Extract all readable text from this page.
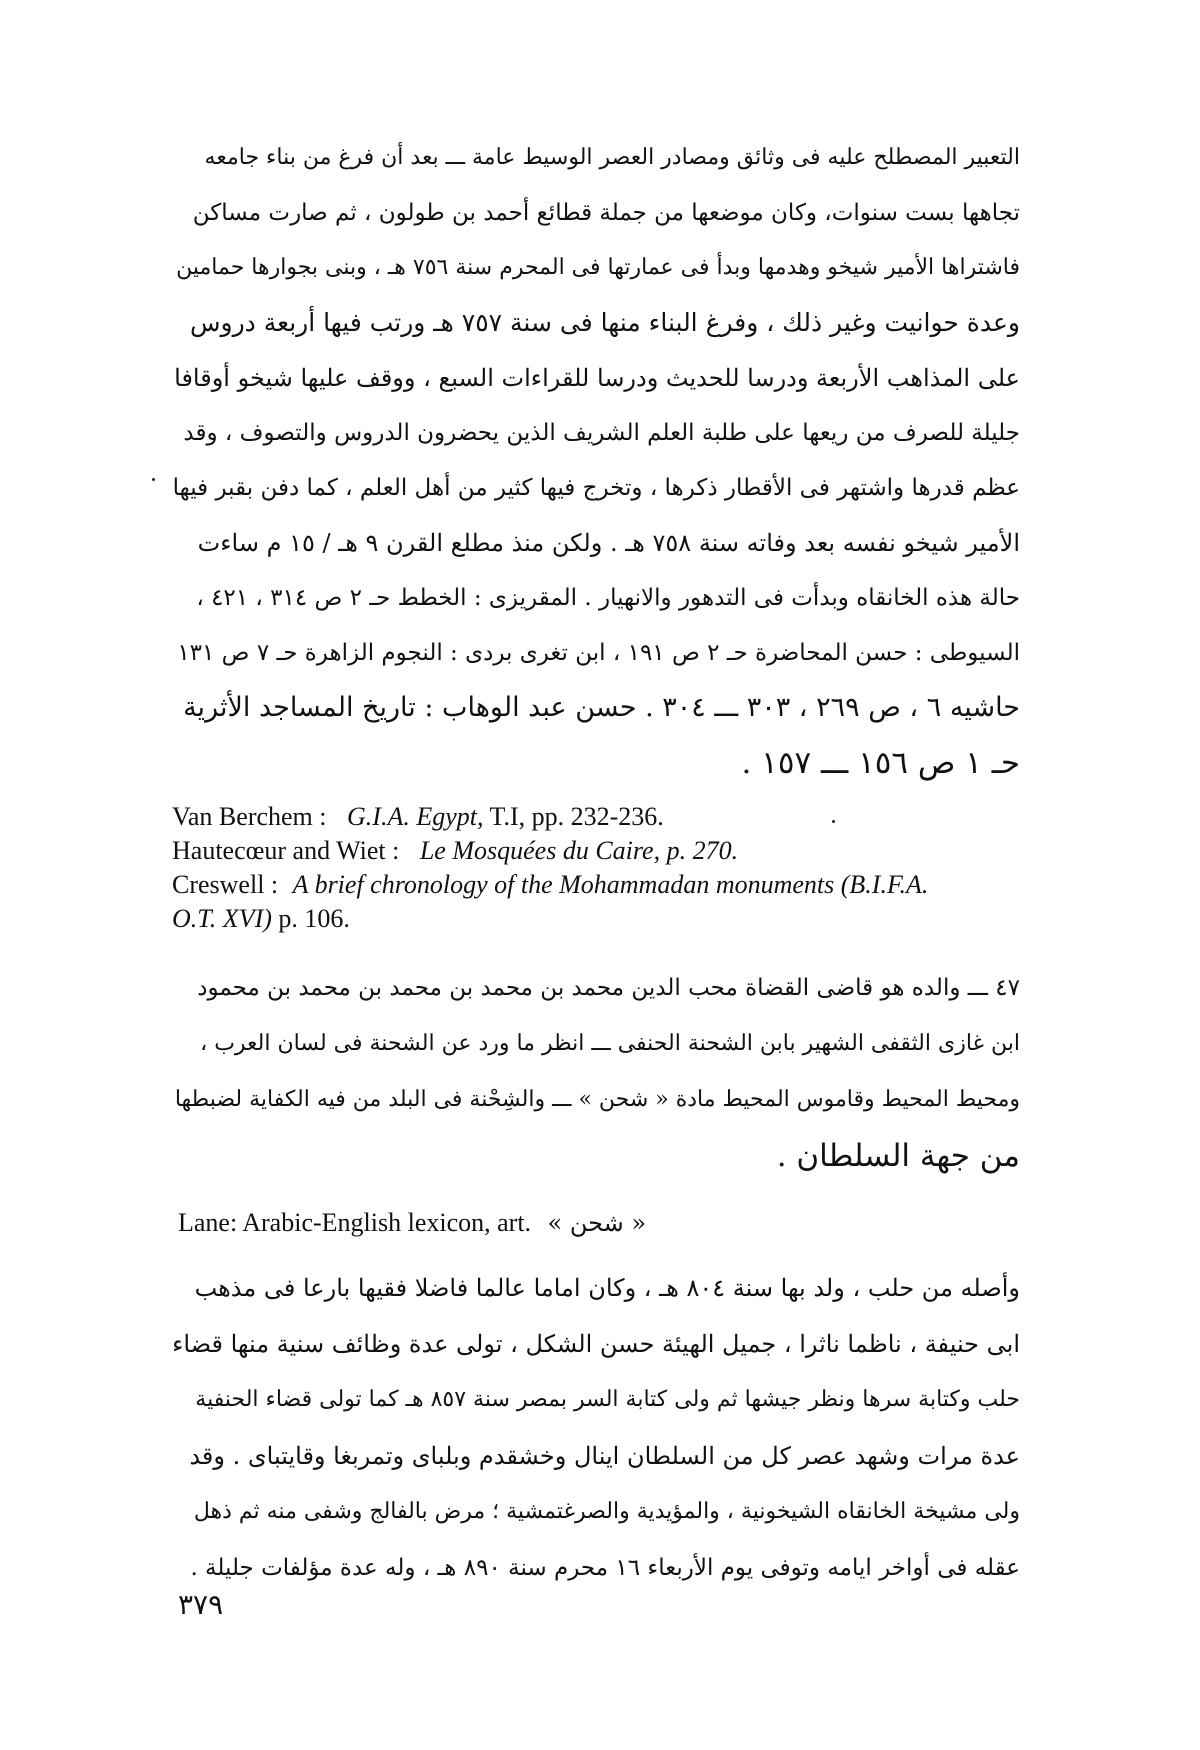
التعبير المصطلح عليه فى وثائق ومصادر العصر الوسيط عامة ـــ بعد أن فرغ من بناء جامعه
تجاهها بست سنوات، وكان موضعها من جملة قطائع أحمد بن طولون ، ثم صارت مساكن
فاشتراها الأمير شيخو وهدمها وبدأ فى عمارتها فى المحرم سنة ٧٥٦ هـ ، وبنى بجوارها حمامين
وعدة حوانيت وغير ذلك ، وفرغ البناء منها فى سنة ٧٥٧ هـ ورتب فيها أربعة دروس
على المذاهب الأربعة ودرسا للحديث ودرسا للقراءات السبع ، ووقف عليها شيخو أوقافا
جليلة للصرف من ريعها على طلبة العلم الشريف الذين يحضرون الدروس والتصوف ، وقد
عظم قدرها واشتهر فى الأقطار ذكرها ، وتخرج فيها كثير من أهل العلم ، كما دفن بقبر فيها
الأمير شيخو نفسه بعد وفاته سنة ٧٥٨ هـ . ولكن منذ مطلع القرن ٩ هـ / ١٥ م ساءت
حالة هذه الخانقاه وبدأت فى التدهور والانهيار . المقريزى : الخطط حـ ٢ ص ٣١٤ ، ٤٢١ ،
السيوطى : حسن المحاضرة حـ ٢ ص ١٩١ ، ابن تغرى بردى : النجوم الزاهرة حـ ٧ ص ١٣١
حاشيه ٦ ، ص ٢٦٩ ، ٣٠٣ ـــ ٣٠٤ . حسن عبد الوهاب : تاريخ المساجد الأثرية
حـ ١ ص ١٥٦ ـــ ١٥٧ .
Van Berchem : G.I.A. Egypt, T.I, pp. 232-236.
Hautecœur and Wiet : Le Mosquées du Caire, p. 270.
Creswell : A brief chronology of the Mohammadan monuments (B.I.F.A.
O.T. XVI) p. 106.
٤٧ ـــ والده هو قاضى القضاة محب الدين محمد بن محمد بن محمد بن محمد بن محمود
ابن غازى الثقفى الشهير بابن الشحنة الحنفى ـــ انظر ما ورد عن الشحنة فى لسان العرب ،
ومحيط المحيط وقاموس المحيط مادة « شحن » ـــ والشِحْنة فى البلد من فيه الكفاية لضبطها
من جهة السلطان .
Lane: Arabic-English lexicon, art. « شحن »
وأصله من حلب ، ولد بها سنة ٨٠٤ هـ ، وكان اماما عالما فاضلا فقيها بارعا فى مذهب
ابى حنيفة ، ناظما ناثرا ، جميل الهيئة حسن الشكل ، تولى عدة وظائف سنية منها قضاء
حلب وكتابة سرها ونظر جيشها ثم ولى كتابة السر بمصر سنة ٨٥٧ هـ كما تولى قضاء الحنفية
عدة مرات وشهد عصر كل من السلطان اينال وخشقدم وبلباى وتمربغا وقايتباى . وقد
ولى مشيخة الخانقاه الشيخونية ، والمؤيدية والصرغتمشية ؛ مرض بالفالج وشفى منه ثم ذهل
عقله فى أواخر ايامه وتوفى يوم الأربعاء ١٦ محرم سنة ٨٩٠ هـ ، وله عدة مؤلفات جليلة .
٣٧٩
